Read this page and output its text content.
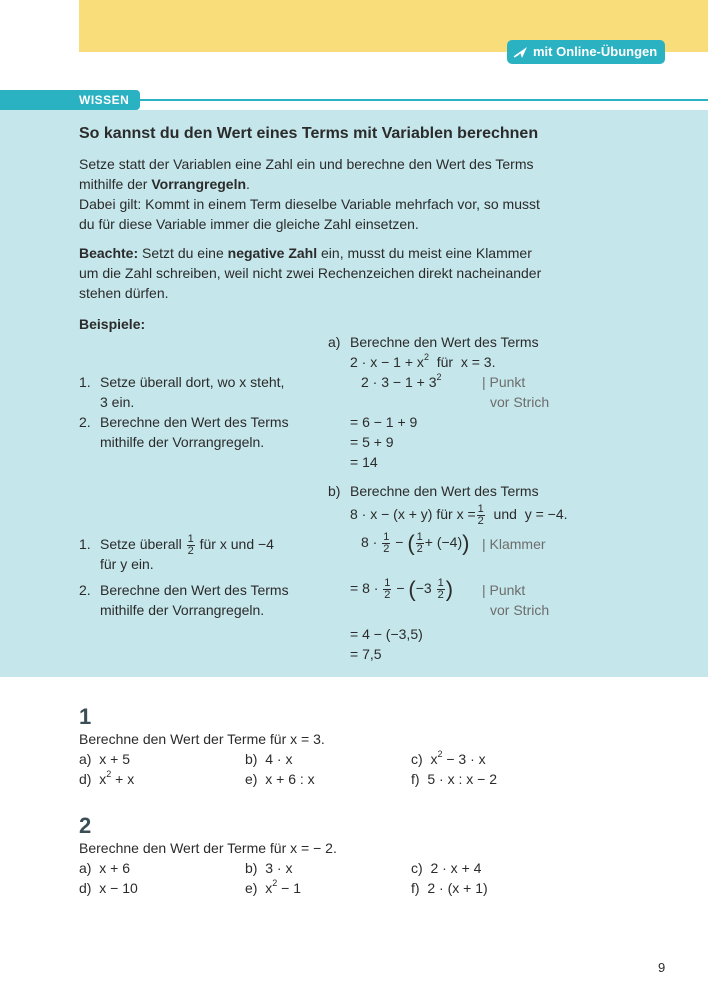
mit Online-Übungen
WISSEN
So kannst du den Wert eines Terms mit Variablen berechnen
Setze statt der Variablen eine Zahl ein und berechne den Wert des Terms
mithilfe der Vorrangregeln.
Dabei gilt: Kommt in einem Term dieselbe Variable mehrfach vor, so musst
du für diese Variable immer die gleiche Zahl einsetzen.
Beachte: Setzt du eine negative Zahl ein, musst du meist eine Klammer
um die Zahl schreiben, weil nicht zwei Rechenzeichen direkt nacheinander
stehen dürfen.
Beispiele:
a) Berechne den Wert des Terms
$2 \cdot x - 1 + x^2$  für  x = 3.
1. Setze überall dort, wo x steht,
3 ein.
2. Berechne den Wert des Terms
mithilfe der Vorrangregeln.
$2 \cdot 3 - 1 + 3^2$	| Punkt
vor Strich
= 6 − 1 + 9
= 5 + 9
= 14
b) Berechne den Wert des Terms
8 · x − (x + y) für $x = \frac{1}{2}$ und  y = −4.
1. Setze überall $\frac{1}{2}$ für x und −4
für y ein.
2. Berechne den Wert des Terms
mithilfe der Vorrangregeln.
$8 \cdot \frac{1}{2}$ − ( $\frac{1}{2} + (-4)$) | Klammer
= $8 \cdot \frac{1}{2} - (-3 \frac{1}{2}$ ) | Punkt
vor Strich
= 4 − (−3,5)
= 7,5
1
Berechne den Wert der Terme für x = 3.
a) x + 5	b) 4 · x	c) $x^2 - 3 \cdot x$
d) $x^2 + x$	e) x + 6 : x	f) 5 · x : x − 2
2
Berechne den Wert der Terme für x = − 2.
a) x + 6	b) 3 · x	c) 2 · x + 4
d) x − 10	e) $x^2 - 1$	f) 2 · (x + 1)
9
